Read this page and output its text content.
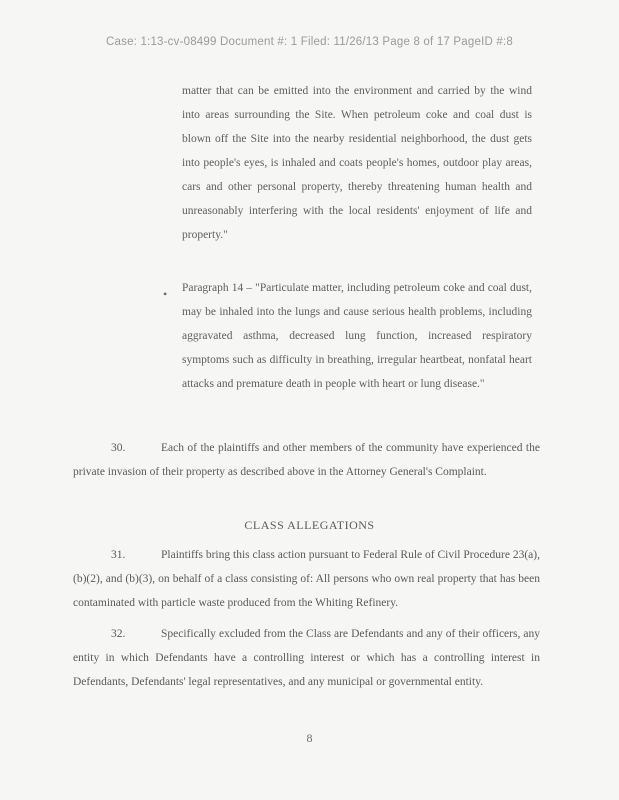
Case: 1:13-cv-08499 Document #: 1 Filed: 11/26/13 Page 8 of 17 PageID #:8
matter that can be emitted into the environment and carried by the wind into areas surrounding the Site. When petroleum coke and coal dust is blown off the Site into the nearby residential neighborhood, the dust gets into people's eyes, is inhaled and coats people's homes, outdoor play areas, cars and other personal property, thereby threatening human health and unreasonably interfering with the local residents' enjoyment of life and property."
• Paragraph 14 – "Particulate matter, including petroleum coke and coal dust, may be inhaled into the lungs and cause serious health problems, including aggravated asthma, decreased lung function, increased respiratory symptoms such as difficulty in breathing, irregular heartbeat, nonfatal heart attacks and premature death in people with heart or lung disease."
30.	Each of the plaintiffs and other members of the community have experienced the private invasion of their property as described above in the Attorney General's Complaint.
CLASS ALLEGATIONS
31.	Plaintiffs bring this class action pursuant to Federal Rule of Civil Procedure 23(a), (b)(2), and (b)(3), on behalf of a class consisting of: All persons who own real property that has been contaminated with particle waste produced from the Whiting Refinery.
32.	Specifically excluded from the Class are Defendants and any of their officers, any entity in which Defendants have a controlling interest or which has a controlling interest in Defendants, Defendants' legal representatives, and any municipal or governmental entity.
8
